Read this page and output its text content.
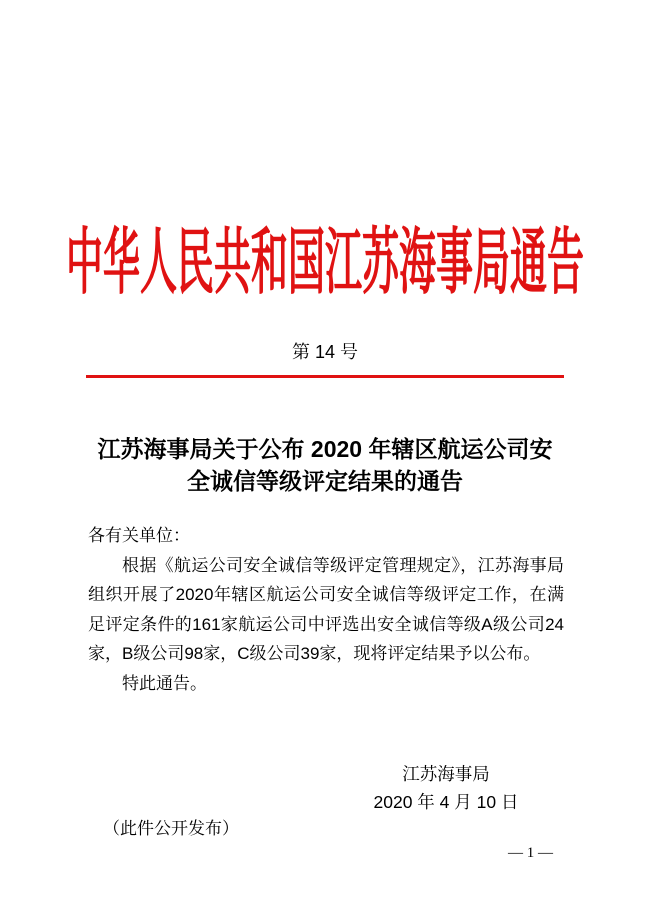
中华人民共和国江苏海事局通告
第 14 号
江苏海事局关于公布 2020 年辖区航运公司安
全诚信等级评定结果的通告

各有关单位：

根据《航运公司安全诚信等级评定管理规定》，江苏海事局组织开展了2020年辖区航运公司安全诚信等级评定工作，在满足评定条件的161家航运公司中评选出安全诚信等级A级公司24家，B级公司98家，C级公司39家，现将评定结果予以公布。

特此通告。

江苏海事局
2020 年 4 月 10 日
（此件公开发布）
— 1 —
